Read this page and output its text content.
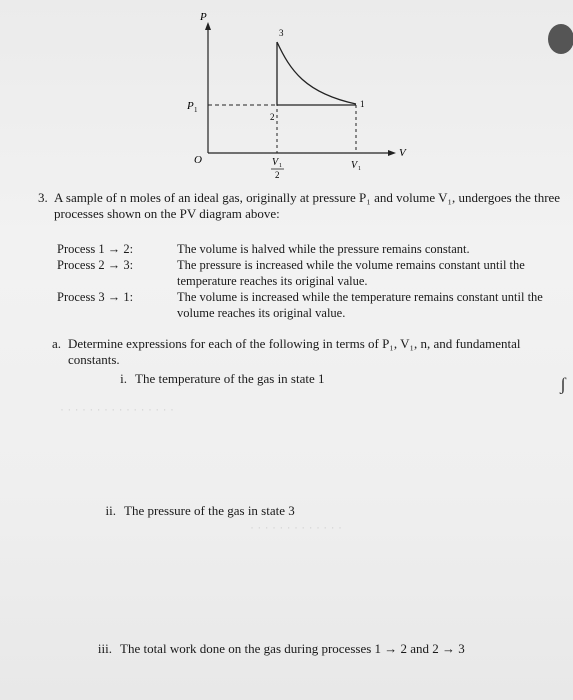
· · · · · · · · · · · · · · · ·
· · · · · · · · · · · · ·
P
V
O
P 1
3
2
1
V 1
2
V 1
ʃ
3. A sample of n moles of an ideal gas, originally at pressure P₁ and volume V₁, undergoes the three processes shown on the PV diagram above:
Process 1 → 2:	The volume is halved while the pressure remains constant.
Process 2 → 3:	The pressure is increased while the volume remains constant until the temperature reaches its original value.
Process 3 → 1:	The volume is increased while the temperature remains constant until the volume reaches its original value.
a. Determine expressions for each of the following in terms of P₁, V₁, n, and fundamental constants.
i. The temperature of the gas in state 1
ii. The pressure of the gas in state 3
iii. The total work done on the gas during processes 1 → 2 and 2 → 3
